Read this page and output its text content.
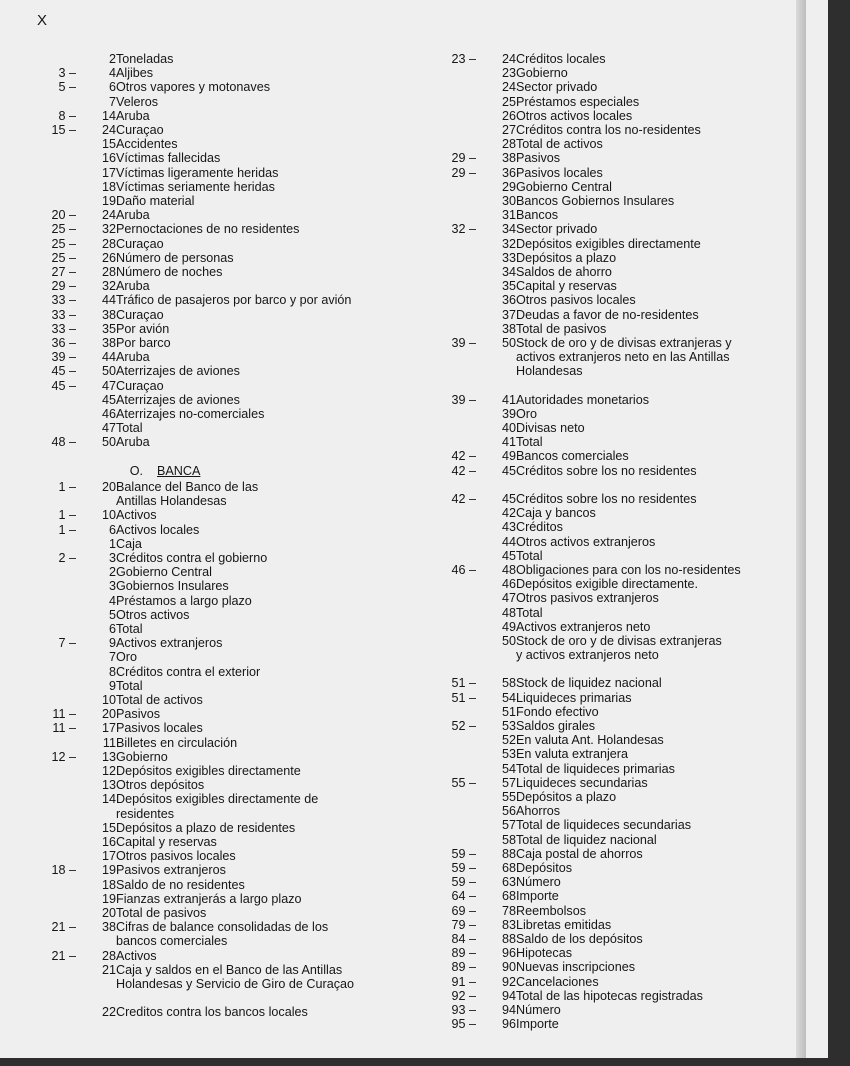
X
2 Toneladas
3 –	4 Aljibes
5 –	6 Otros vapores y motonaves
7 Veleros
8 – 14 Aruba
15 – 24 Curaçao
15 Accidentes
16 Víctimas fallecidas
17 Víctimas ligeramente heridas
18 Víctimas seriamente heridas
19 Daño material
20 – 24 Aruba
25 – 32 Pernoctaciones de no residentes
25 – 28 Curaçao
25 – 26 Número de personas
27 – 28 Número de noches
29 – 32 Aruba
33 – 44 Tráfico de pasajeros por barco y por avión
33 – 38 Curaçao
33 – 35 Por avión
36 – 38 Por barco
39 – 44 Aruba
45 – 50 Aterrizajes de aviones
45 – 47 Curaçao
45 Aterrizajes de aviones
46 Aterrizajes no-comerciales
47 Total
48 – 50 Aruba
O.	BANCA
1 – 20 Balance del Banco de las
Antillas Holandesas
1 – 10 Activos
1 –	6 Activos locales
1 Caja
2 –	3 Créditos contra el gobierno
2 Gobierno Central
3 Gobiernos Insulares
4 Préstamos a largo plazo
5 Otros activos
6 Total
7 –	9 Activos extranjeros
7 Oro
8 Créditos contra el exterior
9 Total
10 Total de activos
11 – 20 Pasivos
11 – 17 Pasivos locales
11 Billetes en circulación
12 – 13 Gobierno
12 Depósitos exigibles directamente
13 Otros depósitos
14 Depósitos exigibles directamente de
residentes
15 Depósitos a plazo de residentes
16 Capital y reservas
17 Otros pasivos locales
18 – 19 Pasivos extranjeros
18 Saldo de no residentes
19 Fianzas extranjerás a largo plazo
20 Total de pasivos
21 – 38 Cifras de balance consolidadas de los
bancos comerciales
21 – 28 Activos
21 Caja y saldos en el Banco de las Antillas
Holandesas y Servicio de Giro de Curaçao
22 Creditos contra los bancos locales
23 – 24 Créditos locales
23 Gobierno
24 Sector privado
25 Préstamos especiales
26 Otros activos locales
27 Créditos contra los no-residentes
28 Total de activos
29 – 38 Pasivos
29 – 36 Pasivos locales
29 Gobierno Central
30 Bancos Gobiernos Insulares
31 Bancos
32 – 34 Sector privado
32 Depósitos exigibles directamente
33 Depósitos a plazo
34 Saldos de ahorro
35 Capital y reservas
36 Otros pasivos locales
37 Deudas a favor de no-residentes
38 Total de pasivos
39 – 50 Stock de oro y de divisas extranjeras y
activos extranjeros neto en las Antillas
Holandesas
39 – 41 Autoridades monetarios
39 Oro
40 Divisas neto
41 Total
42 – 49 Bancos comerciales
42 – 45 Créditos sobre los no residentes
42 – 45 Créditos sobre los no residentes
42 Caja y bancos
43 Créditos
44 Otros activos extranjeros
45 Total
46 – 48 Obligaciones para con los no-residentes
46 Depósitos exigible directamente.
47 Otros pasivos extranjeros
48 Total
49 Activos extranjeros neto
50 Stock de oro y de divisas extranjeras
y activos extranjeros neto
51 – 58 Stock de liquidez nacional
51 – 54 Liquideces primarias
51 Fondo efectivo
52 – 53 Saldos girales
52 En valuta Ant. Holandesas
53 En valuta extranjera
54 Total de liquideces primarias
55 – 57 Liquideces secundarias
55 Depósitos a plazo
56 Ahorros
57 Total de liquideces secundarias
58 Total de liquidez nacional
59 – 88 Caja postal de ahorros
59 – 68 Depósitos
59 – 63 Número
64 – 68 Importe
69 – 78 Reembolsos
79 – 83 Libretas emitidas
84 – 88 Saldo de los depósitos
89 – 96 Hipotecas
89 – 90 Nuevas inscripciones
91 – 92 Cancelaciones
92 – 94 Total de las hipotecas registradas
93 – 94 Número
95 – 96 Importe
